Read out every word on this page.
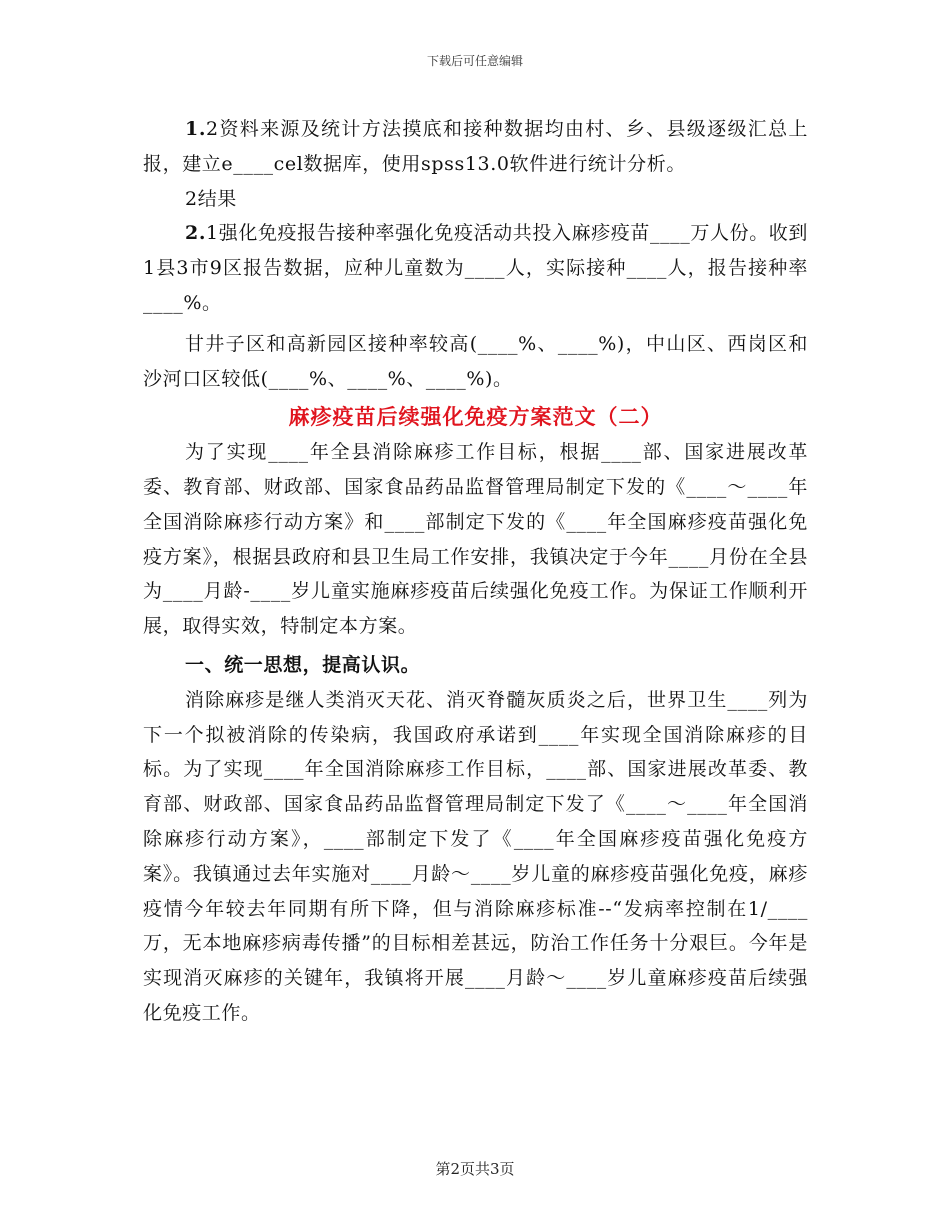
下载后可任意编辑

1.2资料来源及统计方法摸底和接种数据均由村、乡、县级逐级汇总上报，建立e____cel数据库，使用spss13.0软件进行统计分析。

2结果

2.1强化免疫报告接种率强化免疫活动共投入麻疹疫苗____万人份。收到1县3市9区报告数据，应种儿童数为____人，实际接种____人，报告接种率____%。

甘井子区和高新园区接种率较高(____%、____%)，中山区、西岗区和沙河口区较低(____%、____%、____%)。

麻疹疫苗后续强化免疫方案范文（二）

为了实现____年全县消除麻疹工作目标，根据____部、国家进展改革委、教育部、财政部、国家食品药品监督管理局制定下发的《____～____年全国消除麻疹行动方案》和____部制定下发的《____年全国麻疹疫苗强化免疫方案》，根据县政府和县卫生局工作安排，我镇决定于今年____月份在全县为____月龄-____岁儿童实施麻疹疫苗后续强化免疫工作。为保证工作顺利开展，取得实效，特制定本方案。

一、统一思想，提高认识。

消除麻疹是继人类消灭天花、消灭脊髓灰质炎之后，世界卫生____列为下一个拟被消除的传染病，我国政府承诺到____年实现全国消除麻疹的目标。为了实现____年全国消除麻疹工作目标，____部、国家进展改革委、教育部、财政部、国家食品药品监督管理局制定下发了《____～____年全国消除麻疹行动方案》，____部制定下发了《____年全国麻疹疫苗强化免疫方案》。我镇通过去年实施对____月龄～____岁儿童的麻疹疫苗强化免疫，麻疹疫情今年较去年同期有所下降，但与消除麻疹标准--“发病率控制在1/____万，无本地麻疹病毒传播”的目标相差甚远，防治工作任务十分艰巨。今年是实现消灭麻疹的关键年，我镇将开展____月龄～____岁儿童麻疹疫苗后续强化免疫工作。

第2页共3页
